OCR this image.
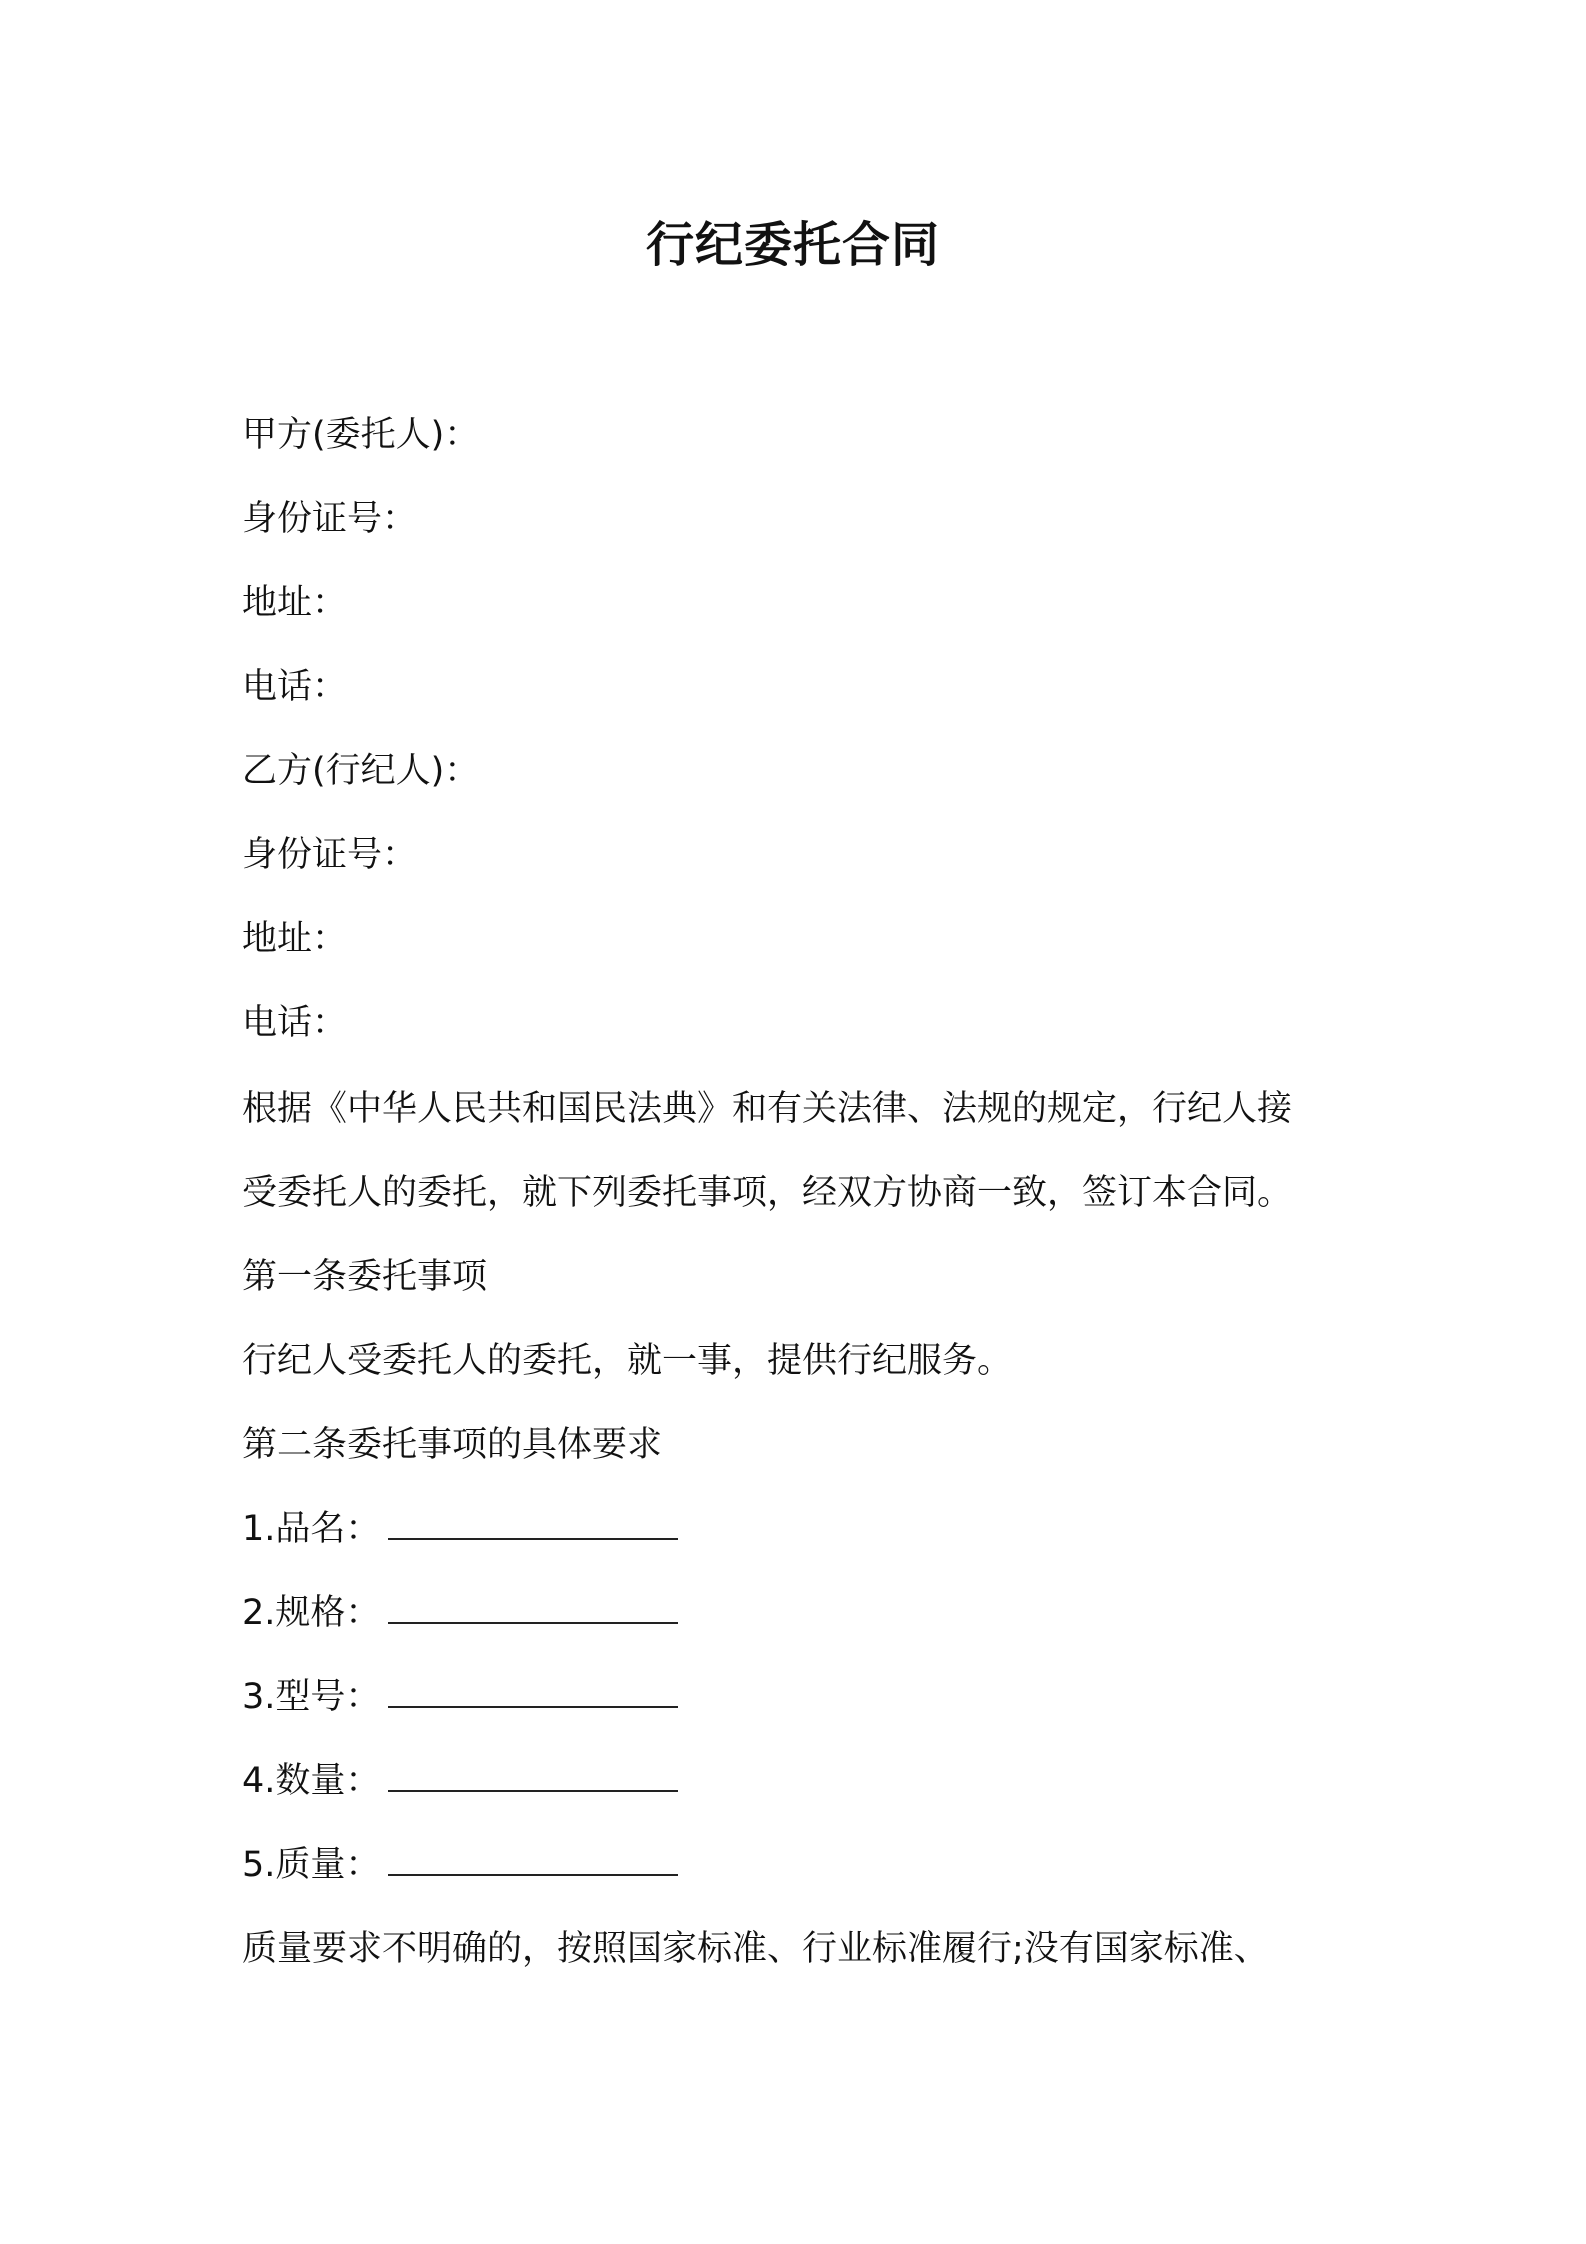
行纪委托合同
甲方(委托人)：
身份证号：
地址：
电话：
乙方(行纪人)：
身份证号：
地址：
电话：
根据《中华人民共和国民法典》和有关法律、法规的规定，行纪人接
受委托人的委托，就下列委托事项，经双方协商一致，签订本合同。
第一条委托事项
行纪人受委托人的委托，就一事，提供行纪服务。
第二条委托事项的具体要求
1.品名：
2.规格：
3.型号：
4.数量：
5.质量：
质量要求不明确的，按照国家标准、行业标准履行;没有国家标准、
